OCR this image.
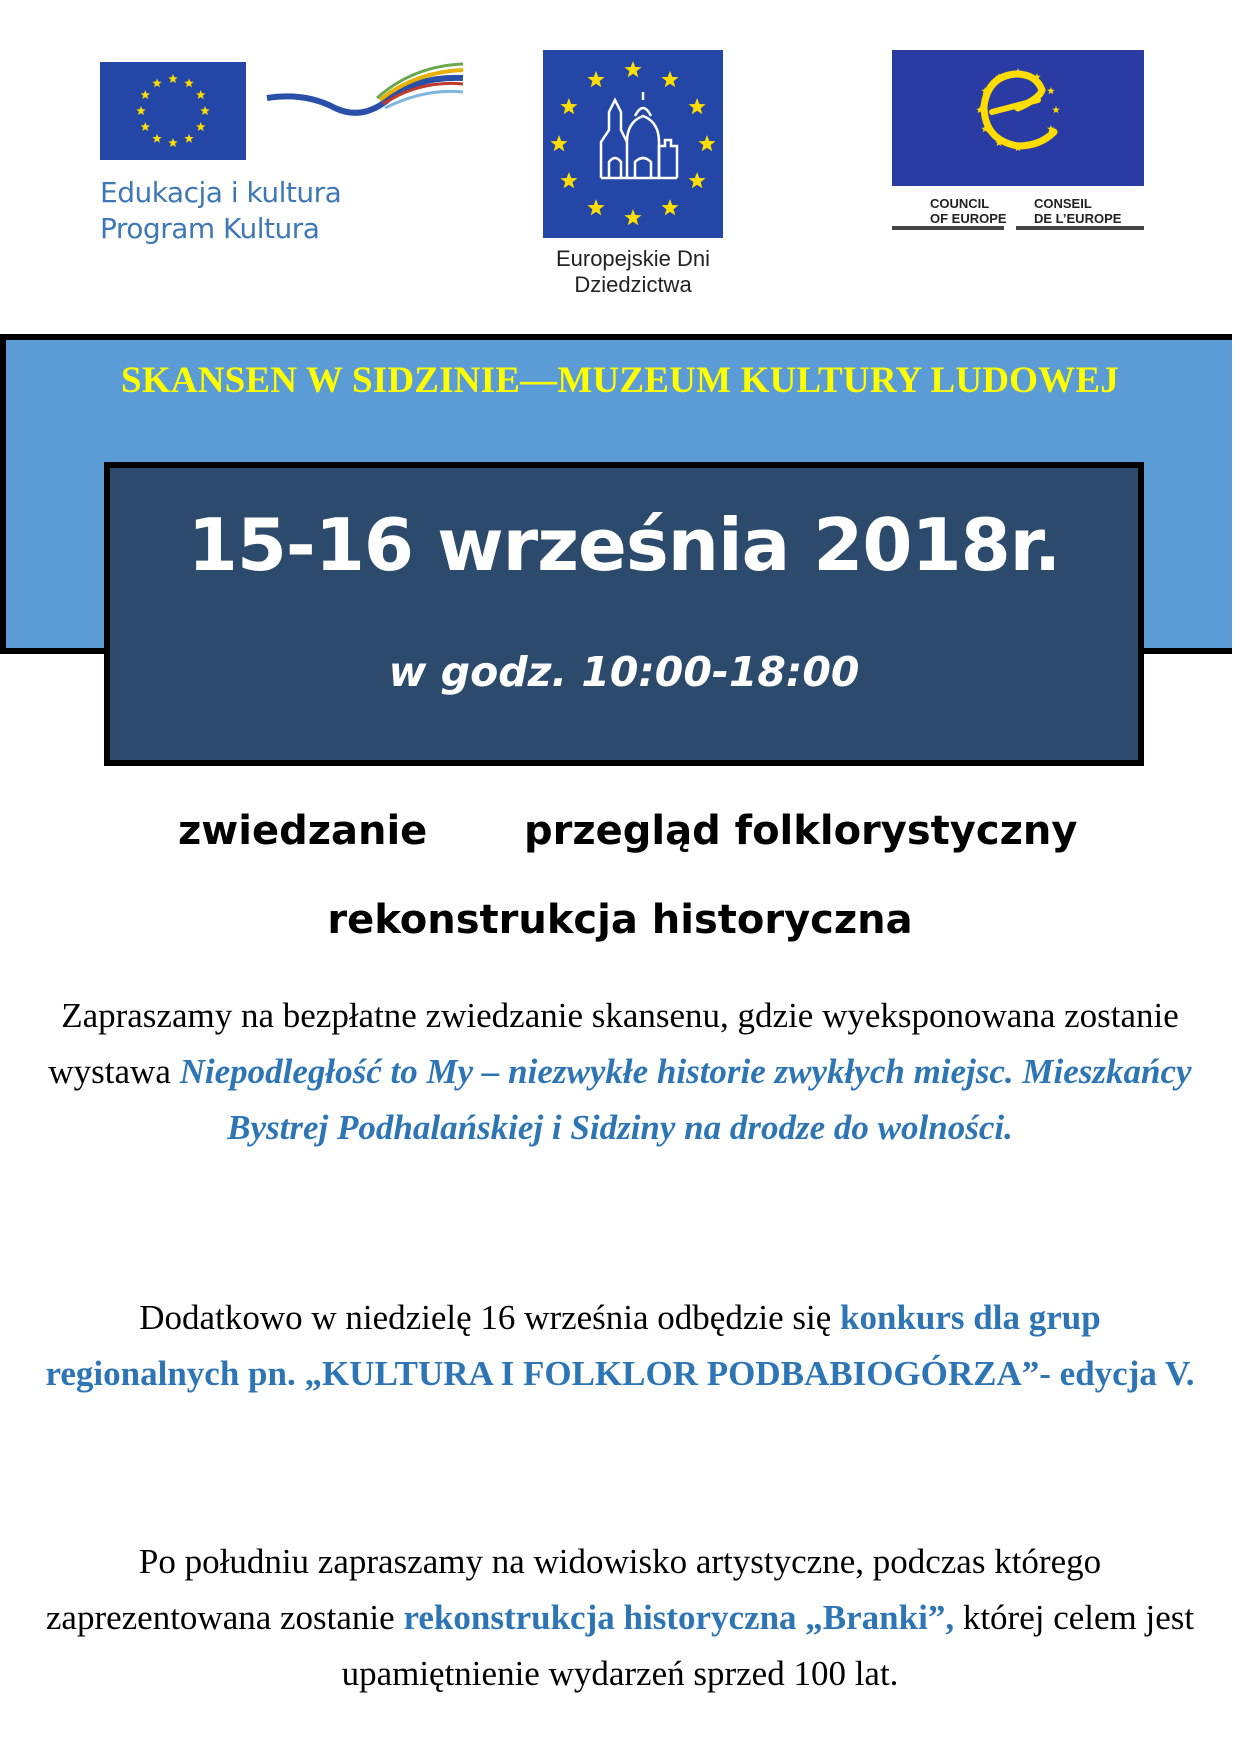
Edukacja i kultura
Program Kultura
Europejskie Dni
Dziedzictwa
COUNCIL
OF EUROPE
CONSEIL
DE L’EUROPE
SKANSEN W SIDZINIE—MUZEUM KULTURY LUDOWEJ
15-16 września 2018r.
w godz. 10:00-18:00
zwiedzanie przegląd folklorystyczny
rekonstrukcja historyczna
Zapraszamy na bezpłatne zwiedzanie skansenu, gdzie wyeksponowana zostanie wystawa Niepodległość to My – niezwykłe historie zwykłych miejsc. Mieszkańcy Bystrej Podhalańskiej i Sidziny na drodze do wolności.
Dodatkowo w niedzielę 16 września odbędzie się konkurs dla grup regionalnych pn. „KULTURA I FOLKLOR PODBABIOGÓRZA”- edycja V.
Po południu zapraszamy na widowisko artystyczne, podczas którego zaprezentowana zostanie rekonstrukcja historyczna „Branki”, której celem jest upamiętnienie wydarzeń sprzed 100 lat.
